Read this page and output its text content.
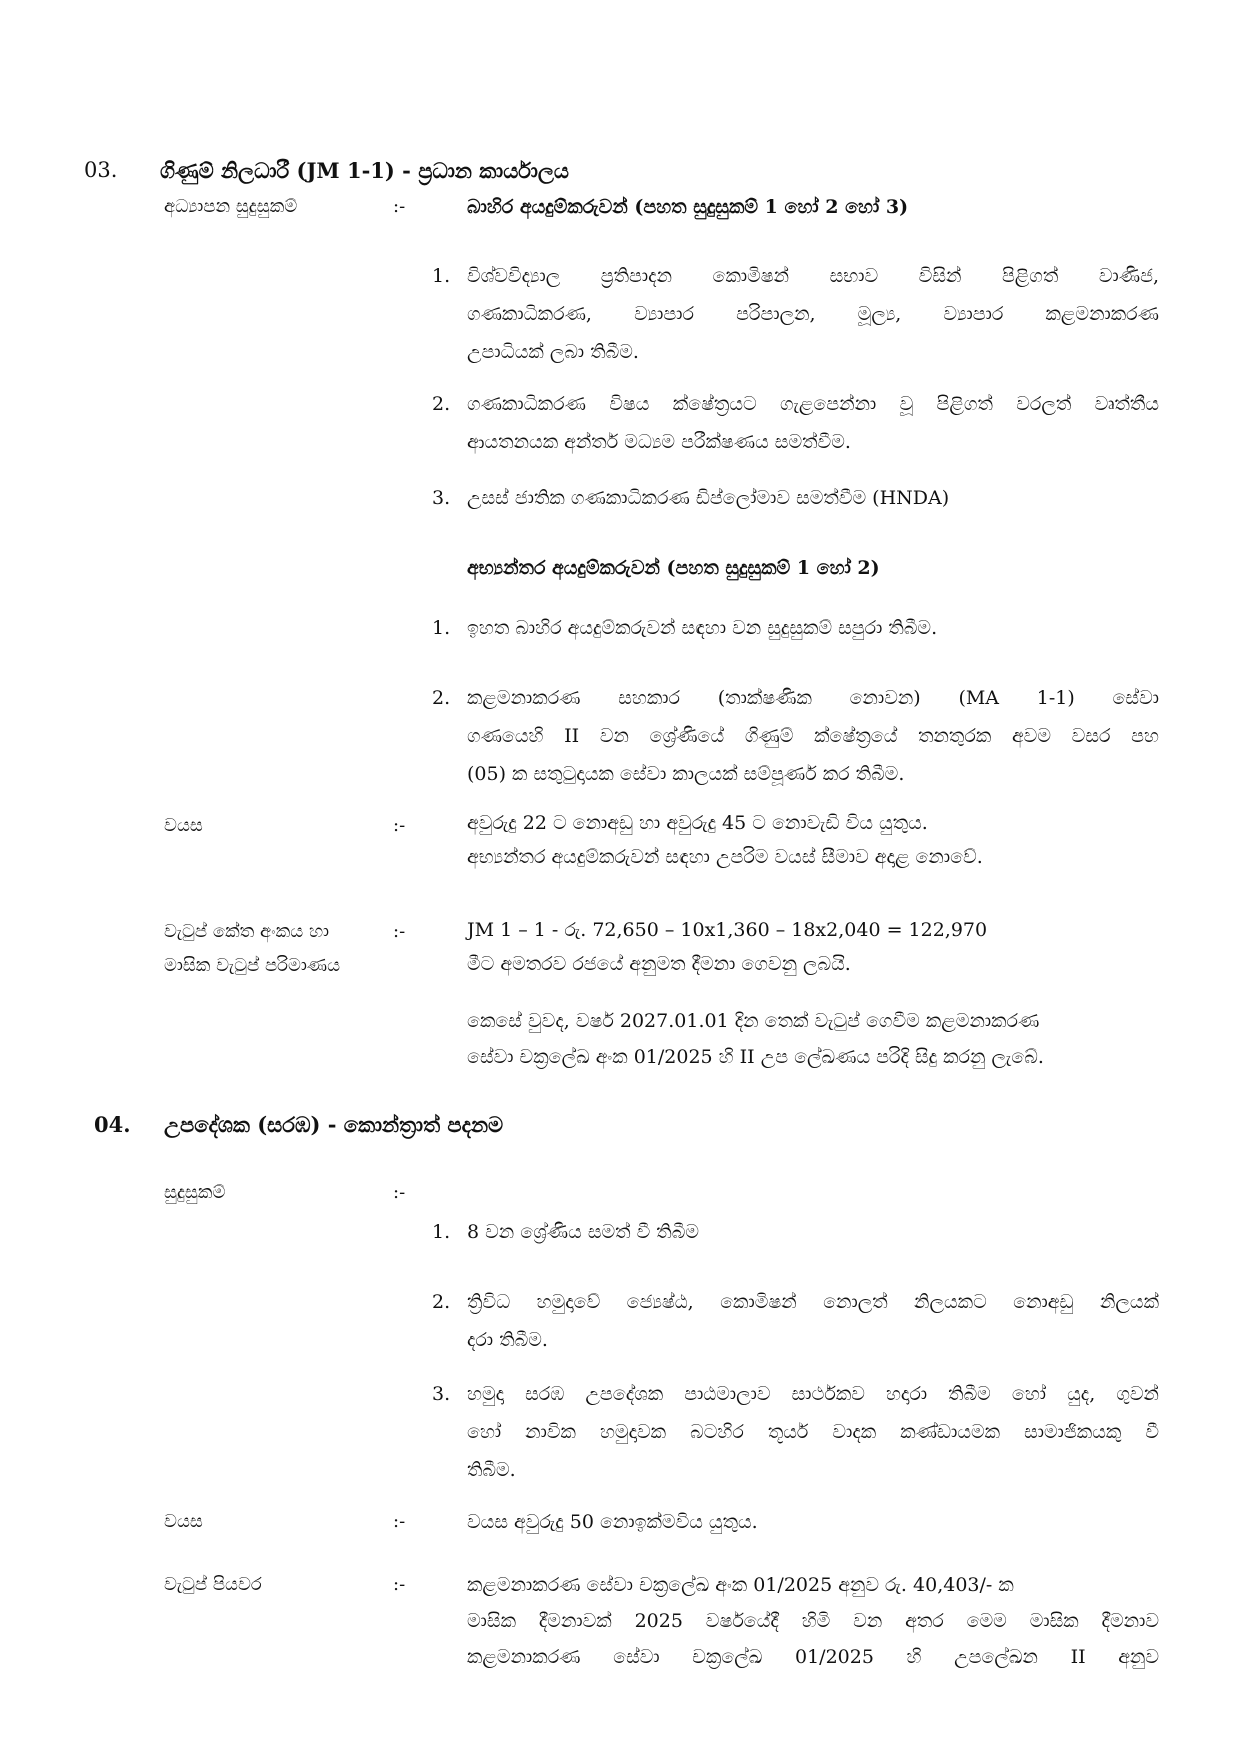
03. ගිණුම් නිලධාරී (JM 1-1) - ප්‍රධාන කාර්යාලය
අධ්‍යාපන සුදුසුකම්	:-	බාහිර අයදුම්කරුවන් (පහත සුදුසුකම් 1 හෝ 2 හෝ 3)
1. විශ්වවිද්‍යාල ප්‍රතිපාදන කොමිෂන් සභාව විසින් පිළිගත් වාණිජ,
ගණකාධිකරණ, ව්‍යාපාර පරිපාලන, මූල්‍ය, ව්‍යාපාර කළමනාකරණ
උපාධියක් ලබා තිබීම.
2. ගණකාධිකරණ විෂය ක්ෂේත්‍රයට ගැළපෙන්නා වූ පිළිගත් වරලත් වෘත්තීය
ආයතනයක අන්තර් මධ්‍යම පරීක්ෂණය සමත්වීම.
3. උසස් ජාතික ගණකාධිකරණ ඩිප්ලෝමාව සමත්වීම (HNDA)
අභ්‍යන්තර අයදුම්කරුවන් (පහත සුදුසුකම් 1 හෝ 2)
1. ඉහත බාහිර අයදුම්කරුවන් සඳහා වන සුදුසුකම් සපුරා තිබීම.
2. කළමනාකරණ සහකාර (තාක්ෂණික නොවන) (MA 1-1) සේවා
ගණයෙහි II වන ශ්‍රේණියේ ගිණුම් ක්ෂේත්‍රයේ තනතුරක අවම වසර පහ
(05) ක සතුටුදායක සේවා කාලයක් සම්පූර්ණ කර තිබීම.
වයස	:-	අවුරුදු 22 ට නොඅඩු හා අවුරුදු 45 ට නොවැඩි විය යුතුය.
අභ්‍යන්තර අයදුම්කරුවන් සඳහා උපරිම වයස් සීමාව අදාළ නොවේ.
වැටුප් කේත අංකය හා
මාසික වැටුප් පරිමාණය
:-	JM 1 – 1 - රු. 72,650 – 10x1,360 – 18x2,040 = 122,970
මීට අමතරව රජයේ අනුමත දීමනා ගෙවනු ලබයි.
කෙසේ වුවද, වර්ෂ 2027.01.01 දින තෙක් වැටුප් ගෙවීම කළමනාකරණ
සේවා චක්‍රලේඛ අංක 01/2025 හි II උප ලේඛණය පරිදි සිදු කරනු ලැබේ.
04. උපදේශක (සරඹ) - කොන්ත්‍රාත් පදනම
සුදුසුකම්	:-
1. 8 වන ශ්‍රේණිය සමත් වී තිබීම
2. ත්‍රිවිධ හමුදාවේ ජ්‍යෙෂ්ඨ, කොමිෂන් නොලත් නිලයකට නොඅඩු නිලයක්
දරා තිබීම.
3. හමුදා සරඹ උපදේශක පාඨමාලාව සාර්ථකව හදාරා තිබීම හෝ යුද, ගුවන්
හෝ නාවික හමුදාවක බටහිර තූර්ය වාදක කණ්ඩායමක සාමාජිකයකු වී
තිබීම.
වයස	:-	වයස අවුරුදු 50 නොඉක්මවිය යුතුය.
වැටුප් පියවර	:-	කළමනාකරණ සේවා චක්‍රලේඛ අංක 01/2025 අනුව රු. 40,403/- ක
මාසික දීමනාවක් 2025 වර්ෂයේදී හිමි වන අතර මෙම මාසික දීමනාව
කළමනාකරණ සේවා චක්‍රලේඛ 01/2025 හි උපලේඛන II අනුව
